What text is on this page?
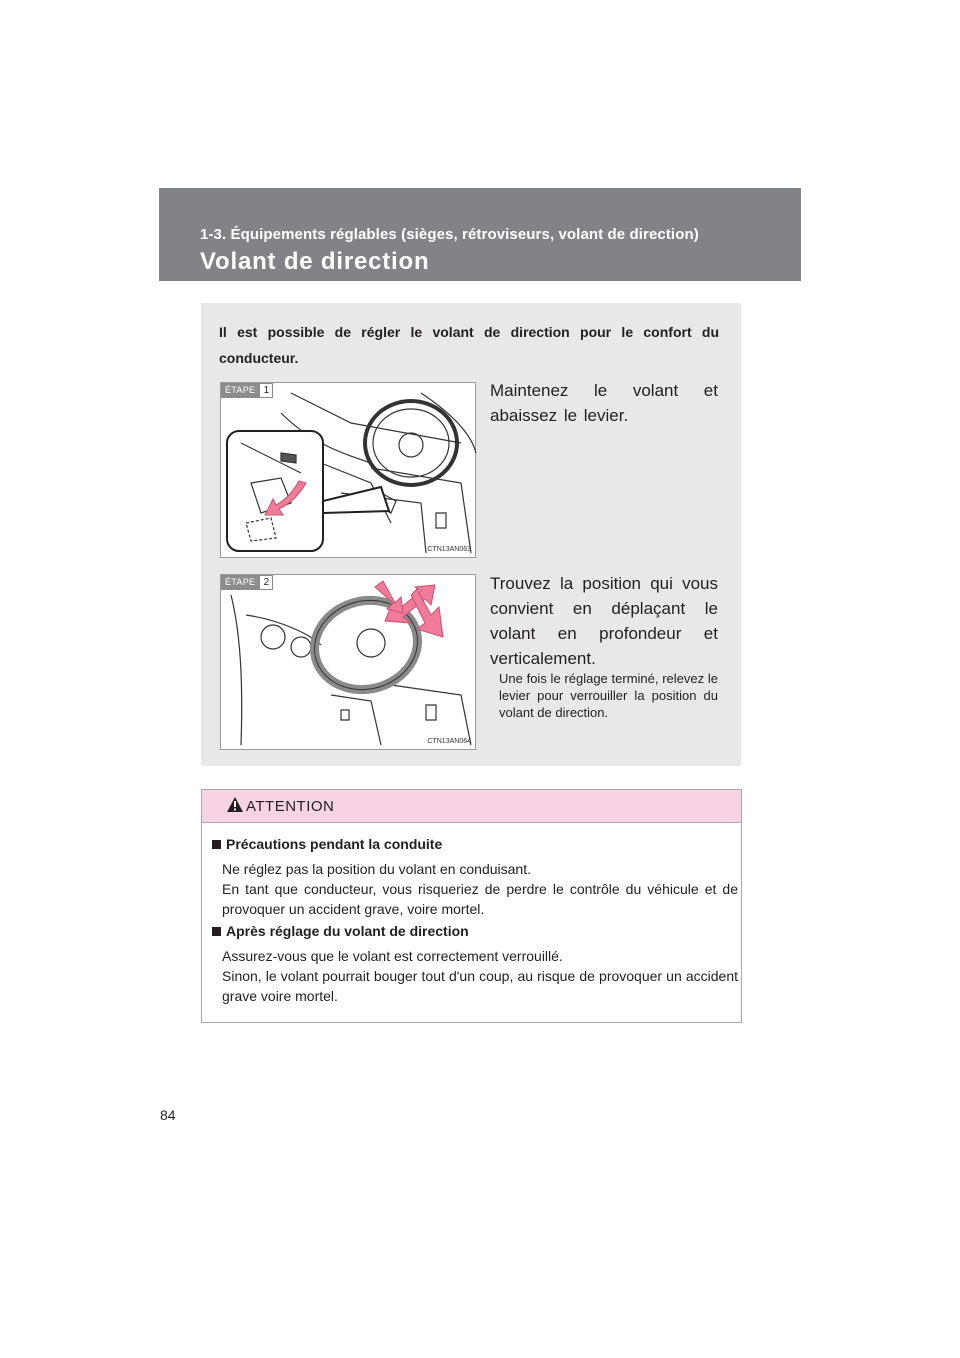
1-3. Équipements réglables (sièges, rétroviseurs, volant de direction)
Volant de direction
Il est possible de régler le volant de direction pour le confort du conducteur.
ÉTAPE 1
CTN13AN063
Maintenez le volant et abaissez le levier.
ÉTAPE 2
CTN13AN064
Trouvez la position qui vous convient en déplaçant le volant en profondeur et verticalement.
Une fois le réglage terminé, relevez le levier pour verrouiller la position du volant de direction.
ATTENTION
Précautions pendant la conduite

Ne réglez pas la position du volant en conduisant.

En tant que conducteur, vous risqueriez de perdre le contrôle du véhicule et de provoquer un accident grave, voire mortel.

Après réglage du volant de direction

Assurez-vous que le volant est correctement verrouillé.

Sinon, le volant pourrait bouger tout d'un coup, au risque de provoquer un accident grave voire mortel.

84
